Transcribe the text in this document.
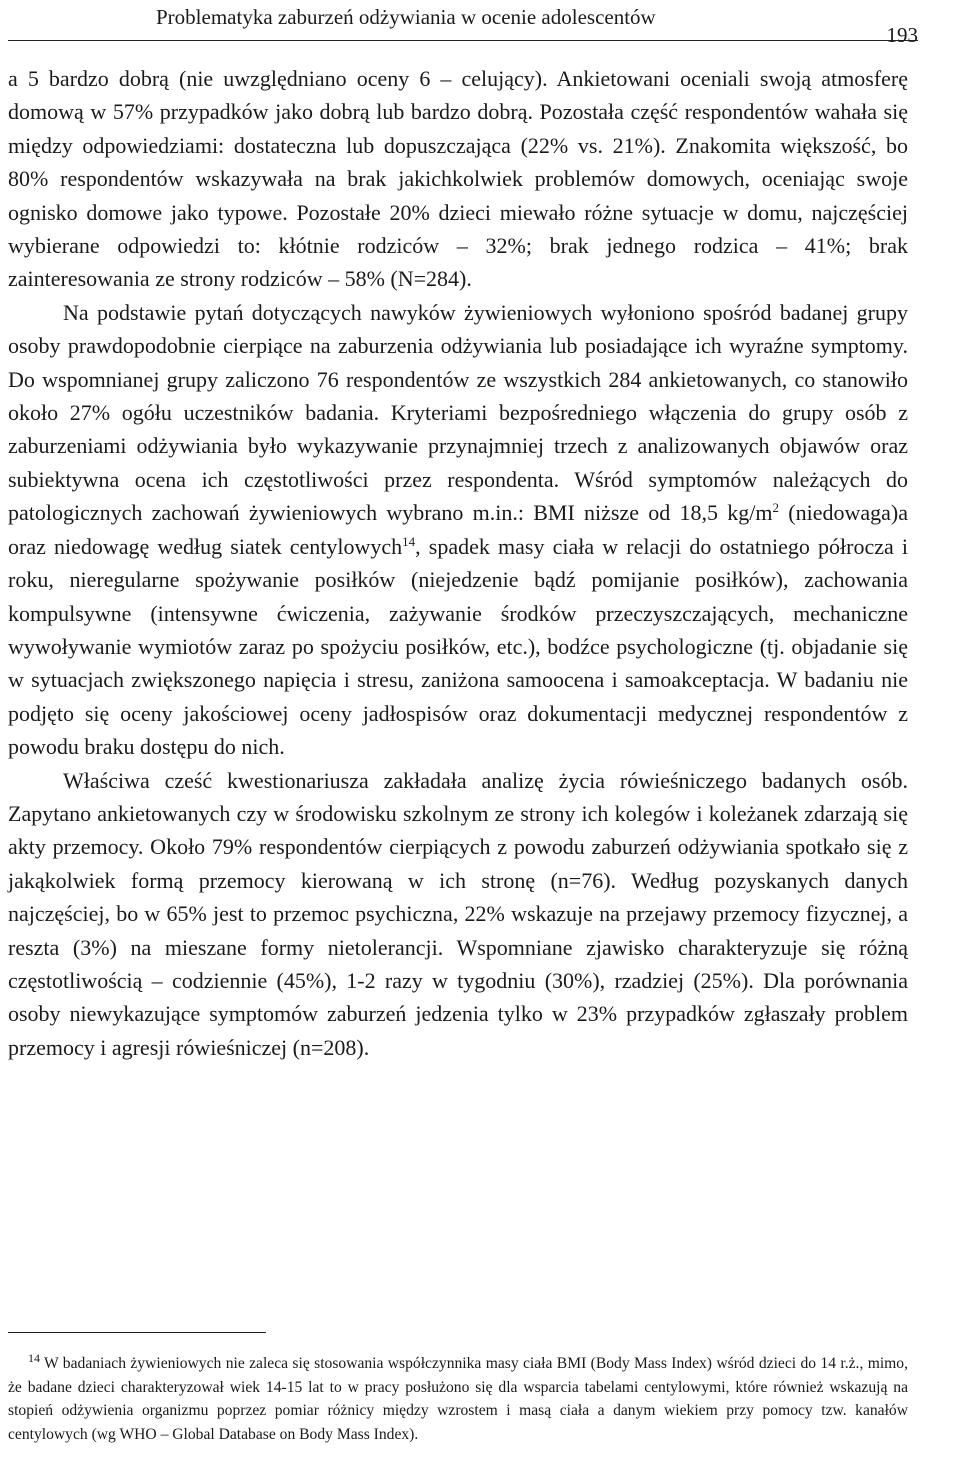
Problematyka zaburzeń odżywiania w ocenie adolescentów
193

a 5 bardzo dobrą (nie uwzględniano oceny 6 – celujący). Ankietowani oceniali swoją atmosferę domową w 57% przypadków jako dobrą lub bardzo dobrą. Pozostała część respondentów wahała się między odpowiedziami: dostateczna lub dopuszczająca (22% vs. 21%). Znakomita większość, bo 80% respondentów wskazywała na brak jakichkolwiek problemów domowych, oceniając swoje ognisko domowe jako typowe. Pozostałe 20% dzieci miewało różne sytuacje w domu, najczęściej wybierane odpowiedzi to: kłótnie rodziców – 32%; brak jednego rodzica – 41%; brak zainteresowania ze strony rodziców – 58% (N=284).

Na podstawie pytań dotyczących nawyków żywieniowych wyłoniono spośród badanej grupy osoby prawdopodobnie cierpiące na zaburzenia odżywiania lub posiadające ich wyraźne symptomy. Do wspomnianej grupy zaliczono 76 respondentów ze wszystkich 284 ankietowanych, co stanowiło około 27% ogółu uczestników badania. Kryteriami bezpośredniego włączenia do grupy osób z zaburzeniami odżywiania było wykazywanie przynajmniej trzech z analizowanych objawów oraz subiektywna ocena ich częstotliwości przez respondenta. Wśród symptomów należących do patologicznych zachowań żywieniowych wybrano m.in.: BMI niższe od 18,5 $kg/m^2$ (niedowaga)a oraz niedowagę według siatek centylowych$^{14}$, spadek masy ciała w relacji do ostatniego półrocza i roku, nieregularne spożywanie posiłków (niejedzenie bądź pomijanie posiłków), zachowania kompulsywne (intensywne ćwiczenia, zażywanie środków przeczyszczających, mechaniczne wywoływanie wymiotów zaraz po spożyciu posiłków, etc.), bodźce psychologiczne (tj. objadanie się w sytuacjach zwiększonego napięcia i stresu, zaniżona samoocena i samoakceptacja. W badaniu nie podjęto się oceny jakościowej oceny jadłospisów oraz dokumentacji medycznej respondentów z powodu braku dostępu do nich.

Właściwa cześć kwestionariusza zakładała analizę życia rówieśniczego badanych osób. Zapytano ankietowanych czy w środowisku szkolnym ze strony ich kolegów i koleżanek zdarzają się akty przemocy. Około 79% respondentów cierpiących z powodu zaburzeń odżywiania spotkało się z jakąkolwiek formą przemocy kierowaną w ich stronę (n=76). Według pozyskanych danych najczęściej, bo w 65% jest to przemoc psychiczna, 22% wskazuje na przejawy przemocy fizycznej, a reszta (3%) na mieszane formy nietolerancji. Wspomniane zjawisko charakteryzuje się różną częstotliwością – codziennie (45%), 1-2 razy w tygodniu (30%), rzadziej (25%). Dla porównania osoby niewykazujące symptomów zaburzeń jedzenia tylko w 23% przypadków zgłaszały problem przemocy i agresji rówieśniczej (n=208).

14 W badaniach żywieniowych nie zaleca się stosowania współczynnika masy ciała BMI (Body Mass Index) wśród dzieci do 14 r.ż., mimo, że badane dzieci charakteryzował wiek 14-15 lat to w pracy posłużono się dla wsparcia tabelami centylowymi, które również wskazują na stopień odżywienia organizmu poprzez pomiar różnicy między wzrostem i masą ciała a danym wiekiem przy pomocy tzw. kanałów centylowych (wg WHO – Global Database on Body Mass Index).
